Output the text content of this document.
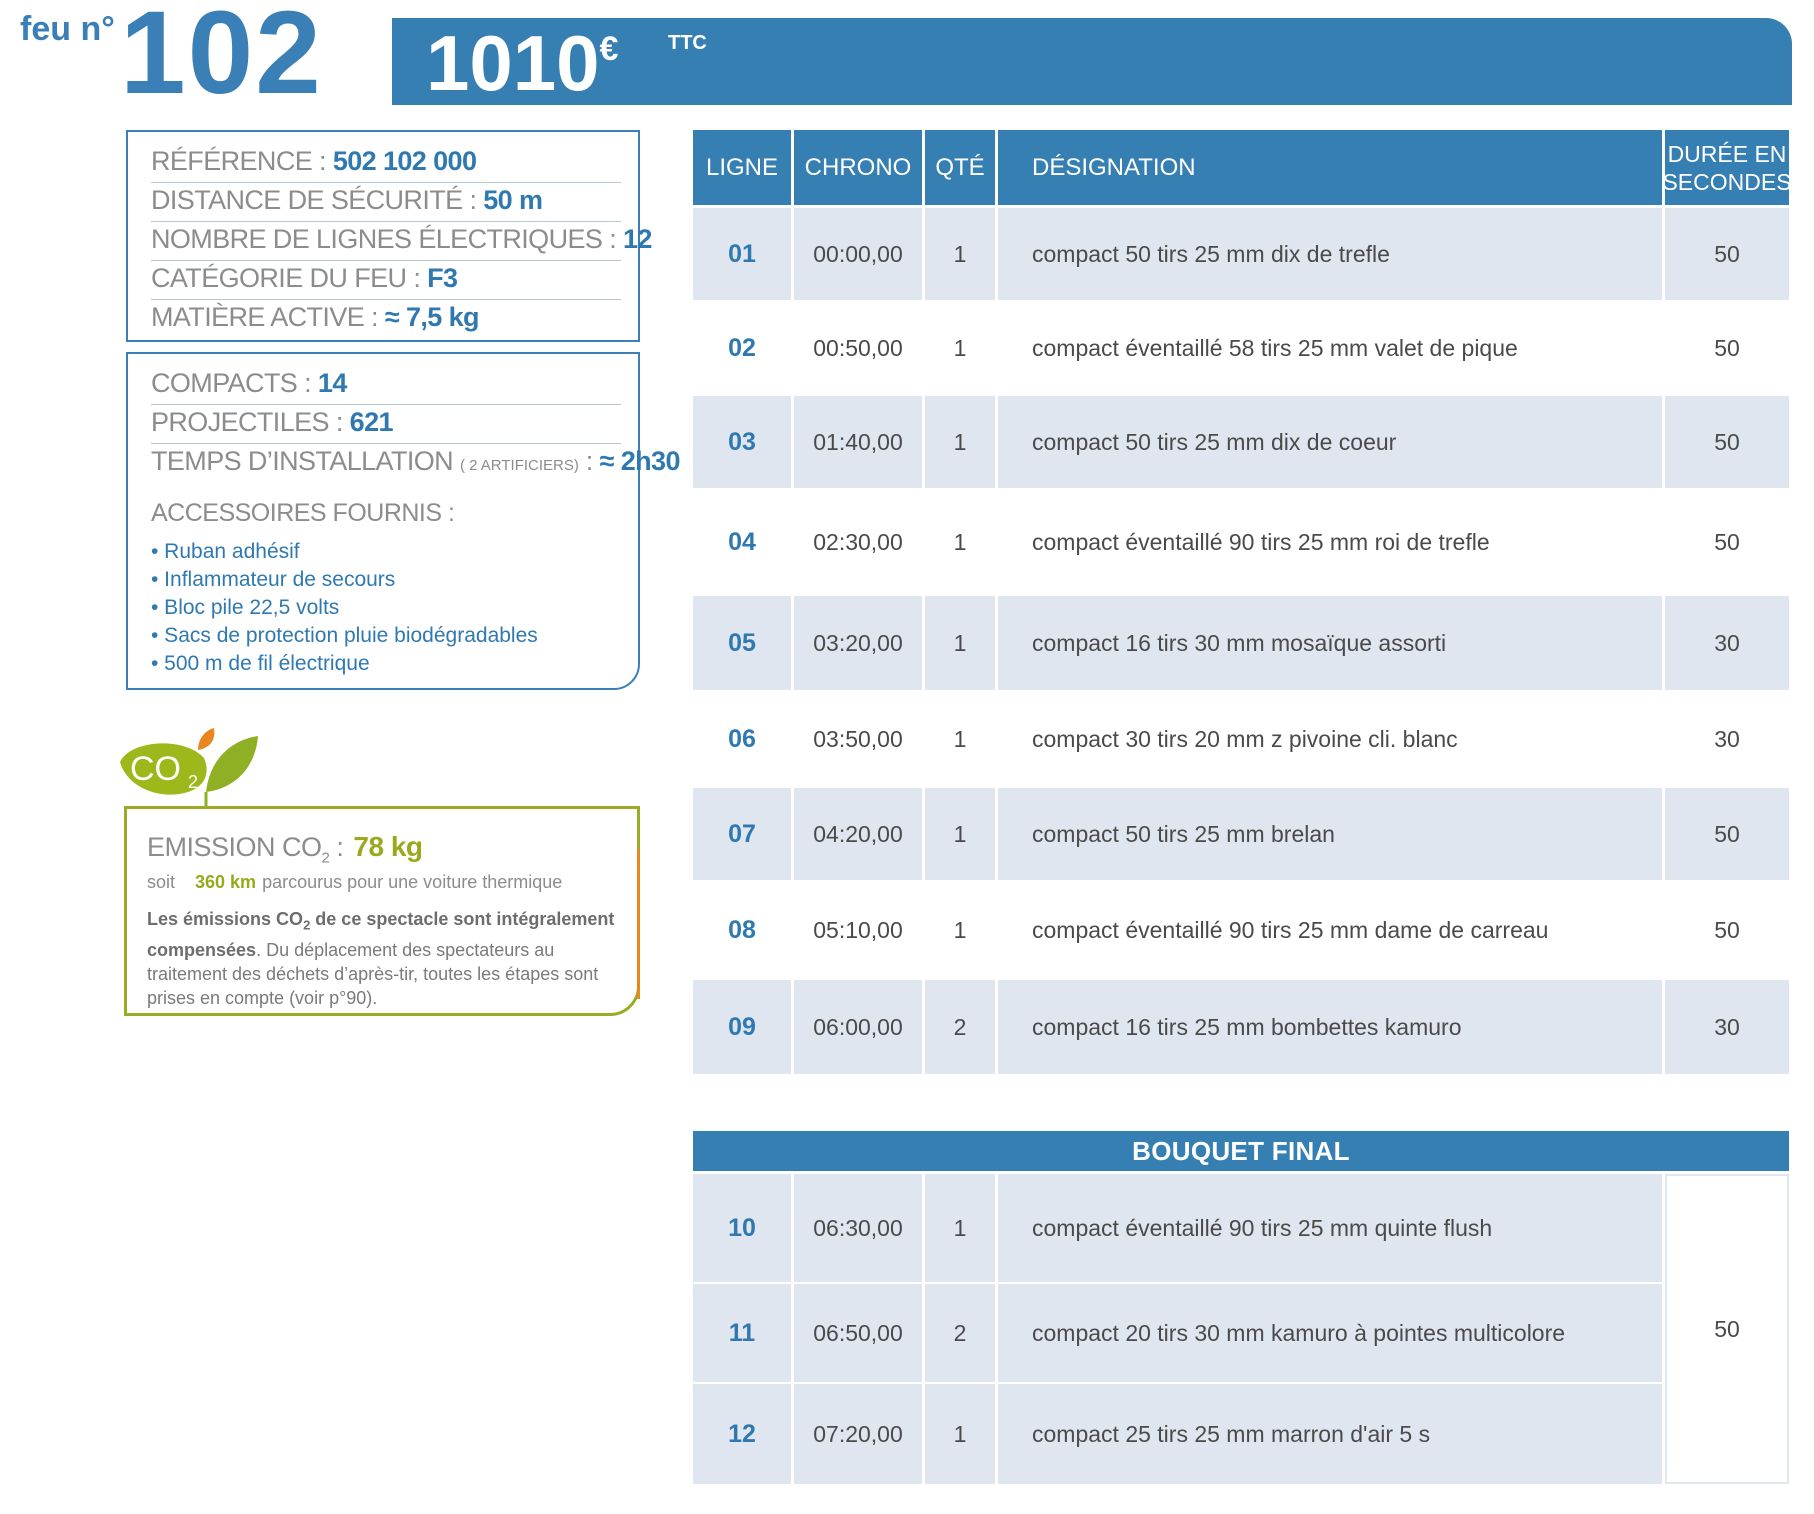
feu n° 102 1010€ TTC
RÉFÉRENCE : 502 102 000
DISTANCE DE SÉCURITÉ : 50 m
NOMBRE DE LIGNES ÉLECTRIQUES : 12
CATÉGORIE DU FEU : F3
MATIÈRE ACTIVE : ≈ 7,5 kg
COMPACTS : 14
PROJECTILES : 621
TEMPS D’INSTALLATION ( 2 ARTIFICIERS) : ≈ 2h30
ACCESSOIRES FOURNIS :
• Ruban adhésif
• Inflammateur de secours
• Bloc pile 22,5 volts
• Sacs de protection pluie biodégradables
• 500 m de fil électrique
CO 2
EMISSION $CO_2$ : 78 kg
soit 360 km parcourus pour une voiture thermique
Les émissions $CO_2$ de ce spectacle sont intégralement compensées. Du déplacement des spectateurs au traitement des déchets d’après-tir, toutes les étapes sont prises en compte (voir p°90).
LIGNE	CHRONO	QTÉ	DÉSIGNATION	DURÉE EN
SECONDES
01	00:00,00	1	compact 50 tirs 25 mm dix de trefle	50
02	00:50,00	1	compact éventaillé 58 tirs 25 mm valet de pique	50
03	01:40,00	1	compact 50 tirs 25 mm dix de coeur	50
04	02:30,00	1	compact éventaillé 90 tirs 25 mm roi de trefle	50
05	03:20,00	1	compact 16 tirs 30 mm mosaïque assorti	30
06	03:50,00	1	compact 30 tirs 20 mm z pivoine cli. blanc	30
07	04:20,00	1	compact 50 tirs 25 mm brelan	50
08	05:10,00	1	compact éventaillé 90 tirs 25 mm dame de carreau	50
09	06:00,00	2	compact 16 tirs 25 mm bombettes kamuro	30
BOUQUET FINAL
10	06:30,00	1	compact éventaillé 90 tirs 25 mm quinte flush
11	06:50,00	2	compact 20 tirs 30 mm kamuro à pointes multicolore
12	07:20,00	1	compact 25 tirs 25 mm marron d'air 5 s
50
